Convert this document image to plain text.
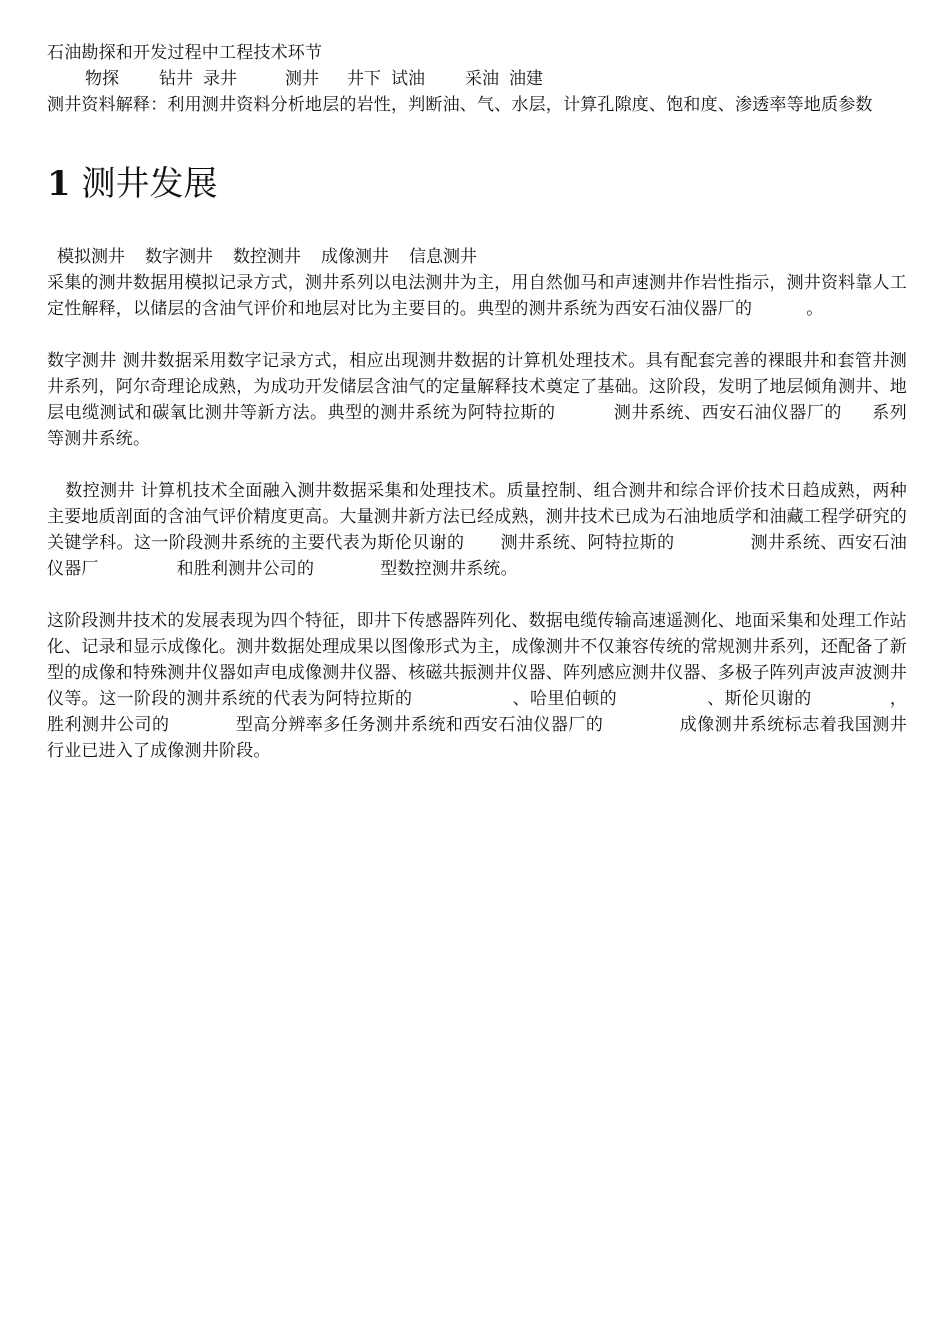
石油勘探和开发过程中工程技术环节
物探 钻井 录井	测井 井下 试油 采油 油建
测井资料解释：利用测井资料分析地层的岩性，判断油、气、水层，计算孔隙度、饱和度、渗透率等地质参数
1 测井发展
模拟测井 数字测井 数控测井 成像测井 信息测井
采集的测井数据用模拟记录方式，测井系列以电法测井为主，用自然伽马和声速测井作岩性指示，测井资料靠人工定性解释，以储层的含油气评价和地层对比为主要目的。典型的测井系统为西安石油仪器厂的	。
数字测井 测井数据采用数字记录方式，相应出现测井数据的计算机处理技术。具有配套完善的裸眼井和套管井测井系列，阿尔奇理论成熟，为成功开发储层含油气的定量解释技术奠定了基础。这阶段，发明了地层倾角测井、地层电缆测试和碳氧比测井等新方法。典型的测井系统为阿特拉斯的	测井系统、西安石油仪器厂的 系列等测井系统。
数控测井 计算机技术全面融入测井数据采集和处理技术。质量控制、组合测井和综合评价技术日趋成熟，两种主要地质剖面的含油气评价精度更高。大量测井新方法已经成熟，测井技术已成为石油地质学和油藏工程学研究的关键学科。这一阶段测井系统的主要代表为斯伦贝谢的 测井系统、阿特拉斯的	测井系统、西安石油仪器厂	和胜利测井公司的	型数控测井系统。
这阶段测井技术的发展表现为四个特征，即井下传感器阵列化、数据电缆传输高速遥测化、地面采集和处理工作站化、记录和显示成像化。测井数据处理成果以图像形式为主，成像测井不仅兼容传统的常规测井系列，还配备了新型的成像和特殊测井仪器如声电成像测井仪器、核磁共振测井仪器、阵列感应测井仪器、多极子阵列声波声波测井仪等。这一阶段的测井系统的代表为阿特拉斯的	、哈里伯顿的	、斯伦贝谢的	，胜利测井公司的	型高分辨率多任务测井系统和西安石油仪器厂的	成像测井系统标志着我国测井行业已进入了成像测井阶段。
